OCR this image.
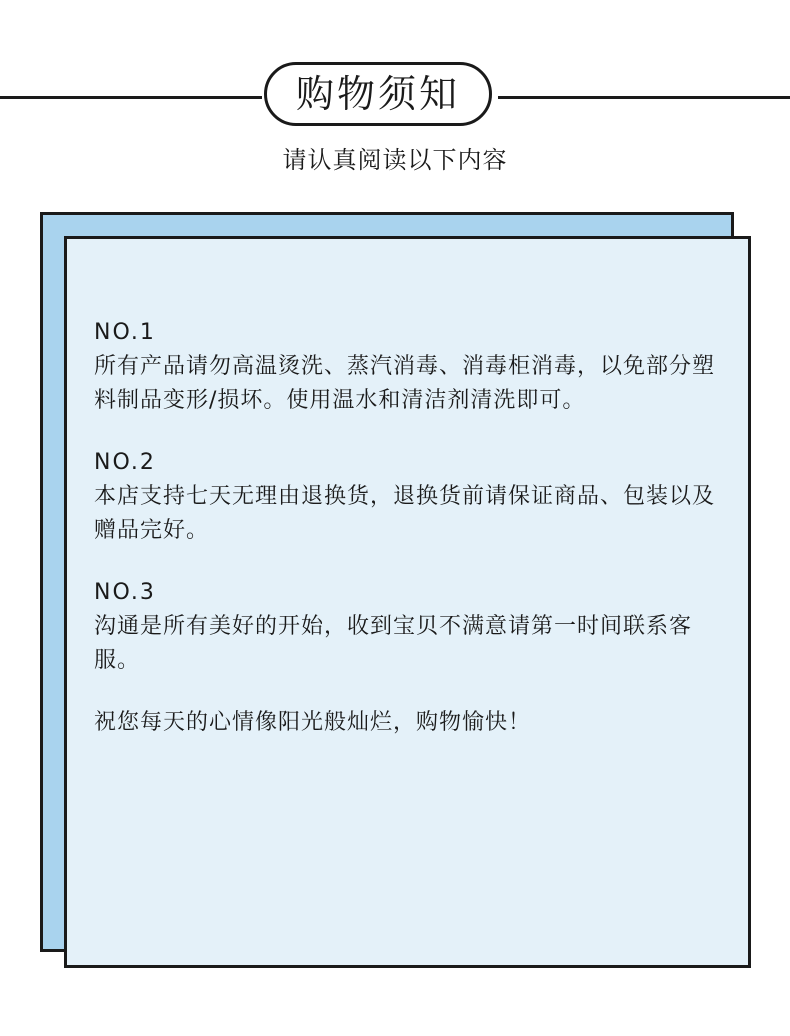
购物须知
请认真阅读以下内容
NO.1

所有产品请勿高温烫洗、蒸汽消毒、消毒柜消毒，以免部分塑料制品变形/损坏。使用温水和清洁剂清洗即可。

NO.2

本店支持七天无理由退换货，退换货前请保证商品、包装以及赠品完好。

NO.3

沟通是所有美好的开始，收到宝贝不满意请第一时间联系客服。

祝您每天的心情像阳光般灿烂，购物愉快！
